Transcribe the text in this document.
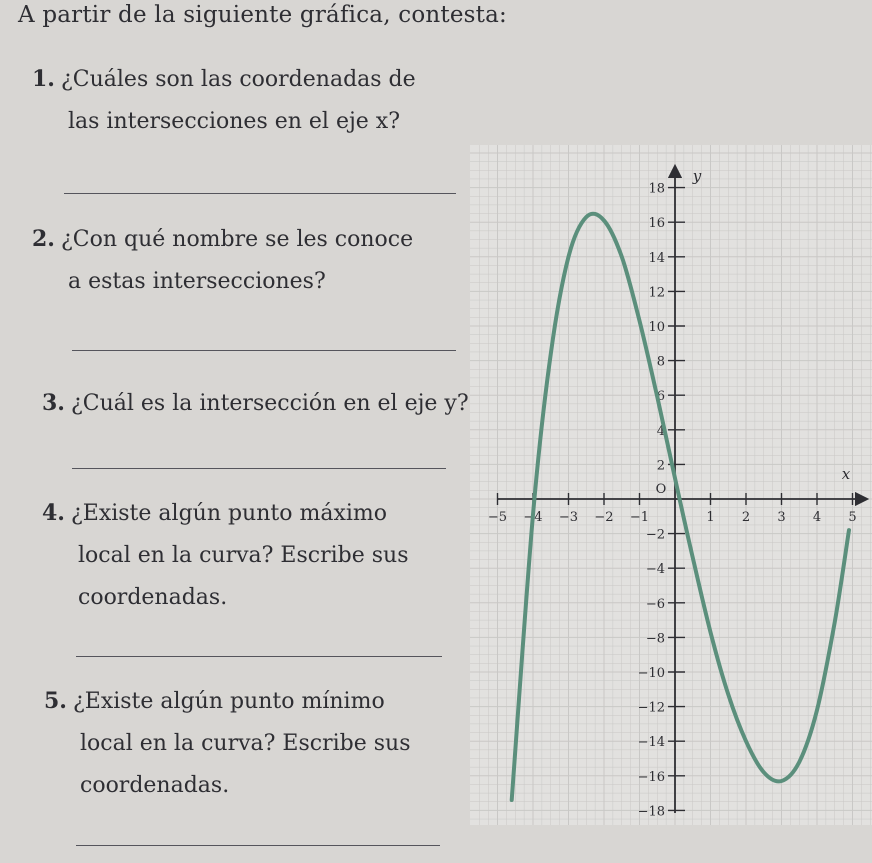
A partir de la siguiente gráfica, contesta:
1. ¿Cuáles son las coordenadas de
las intersecciones en el eje x?
2. ¿Con qué nombre se les conoce
a estas intersecciones?
3. ¿Cuál es la intersección en el eje y?
4. ¿Existe algún punto máximo
local en la curva? Escribe sus
coordenadas.
5. ¿Existe algún punto mínimo
local en la curva? Escribe sus
coordenadas.
−5 −4 −3 −2 −1	1 2 3 4 5
18
16
14
12
10
8
6
4
2
−2
−4
−6
−8
−10
−12
−14
−16
−18
O
x
y
